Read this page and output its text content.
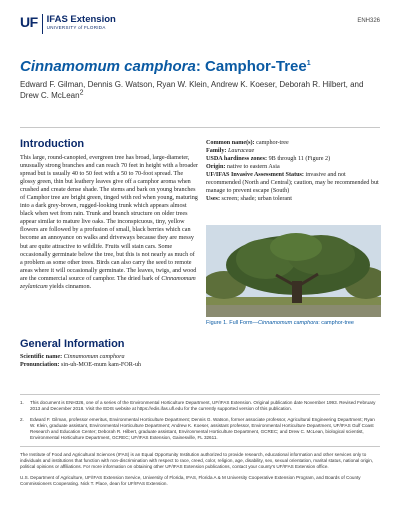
UF IFAS Extension
UNIVERSITY of FLORIDA
ENH326
Cinnamomum camphora: Camphor-Tree$^1$
Edward F. Gilman, Dennis G. Watson, Ryan W. Klein, Andrew K. Koeser, Deborah R. Hilbert, and Drew C. McLean2
Introduction
This large, round-canopied, evergreen tree has broad, large-diameter, unusually strong branches and can reach 70 feet in height with a broader spread but is usually 40 to 50 feet with a 50 to 70-foot spread. The glossy green, thin but leathery leaves give off a camphor aroma when crushed and create dense shade. The stems and bark on young branches of Camphor tree are bright green, tinged with red when young, maturing into a dark grey-brown, rugged-looking trunk which appears almost black when wet from rain. Trunk and branch structure on older trees appear similar to mature live oaks. The inconspicuous, tiny, yellow flowers are followed by a profusion of small, black berries which can become an annoyance on walks and driveways because they are messy but are quite attractive to wildlife. Fruits will stain cars. Some occasionally germinate below the tree, but this is not nearly as much of a problem as some other trees. Birds can also carry the seed to remote areas where it will occasionally germinate. The leaves, twigs, and wood are the commercial source of camphor. The dried bark of Cinnamomum zeylanicum yields cinnamon.
Common name(s): camphor-tree
Family: Lauraceae
USDA hardiness zones: 9B through 11 (Figure 2)
Origin: native to eastern Asia
UF/IFAS Invasive Assessment Status: invasive and not recommended (North and Central); caution, may be recommended but manage to prevent escape (South)
Uses: screen; shade; urban tolerant
Figure 1. Full Form—Cinnamomum camphora: camphor-tree
General Information
Scientific name: Cinnamomum camphora
Pronunciation: sin-uh-MOE-mum kam-FOR-uh
1.	This document is ENH326, one of a series of the Environmental Horticulture Department, UF/IFAS Extension. Original publication date November 1993. Revised February 2013 and December 2018. Visit the EDIS website at https://edis.ifas.ufl.edu for the currently supported version of this publication.
2.	Edward F. Gilman, professor emeritus, Environmental Horticulture Department; Dennis G. Watson, former associate professor, Agricultural Engineering Department; Ryan W. Klein, graduate assistant, Environmental Horticulture Department; Andrew K. Koeser, assistant professor, Environmental Horticulture Department, UF/IFAS Gulf Coast Research and Education Center; Deborah R. Hilbert, graduate assistant, Environmental Horticulture Department, GCREC; and Drew C. McLean, biological scientist, Environmental Horticulture Department, GCREC; UF/IFAS Extension, Gainesville, FL 32611.
The Institute of Food and Agricultural Sciences (IFAS) is an Equal Opportunity Institution authorized to provide research, educational information and other services only to individuals and institutions that function with non-discrimination with respect to race, creed, color, religion, age, disability, sex, sexual orientation, marital status, national origin, political opinions or affiliations. For more information on obtaining other UF/IFAS Extension publications, contact your county's UF/IFAS Extension office.
U.S. Department of Agriculture, UF/IFAS Extension Service, University of Florida, IFAS, Florida A & M University Cooperative Extension Program, and Boards of County Commissioners Cooperating. Nick T. Place, dean for UF/IFAS Extension.
